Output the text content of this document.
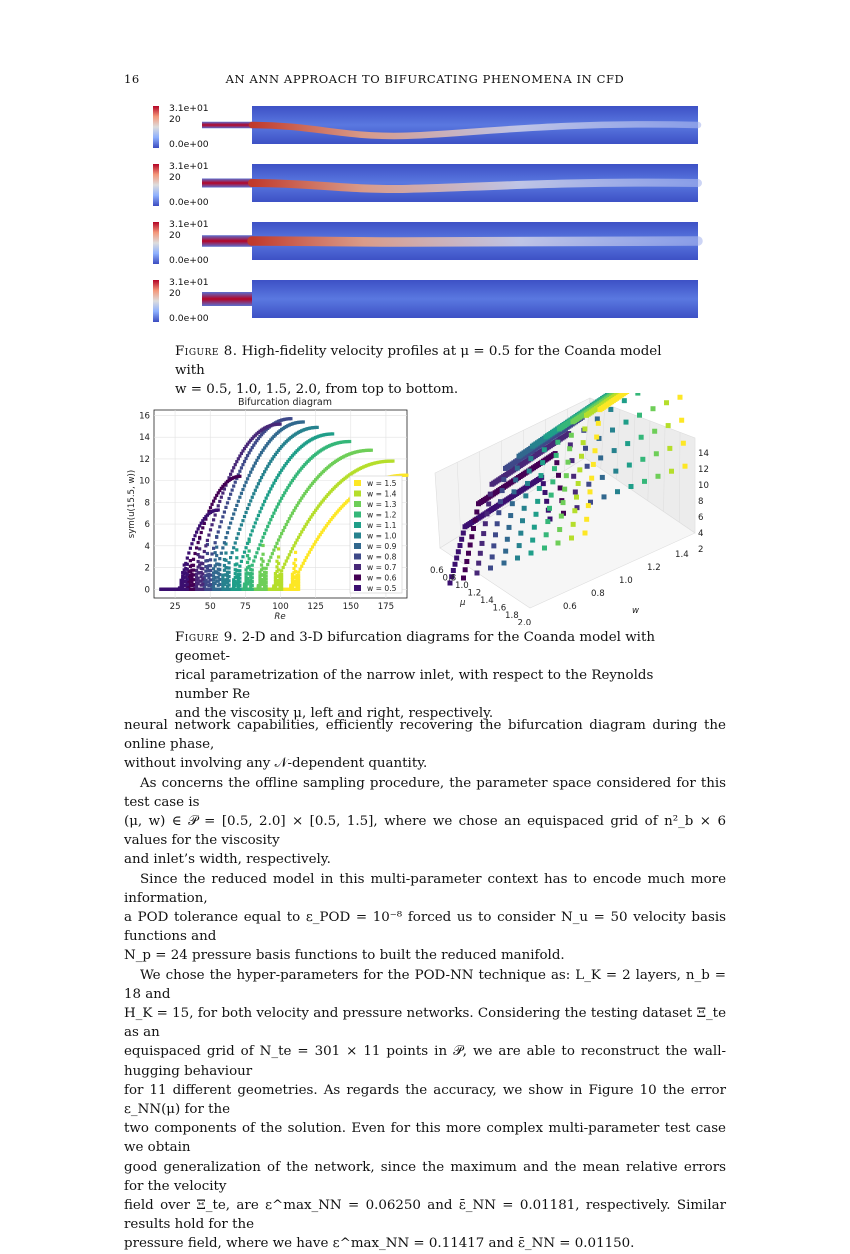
16	AN ANN APPROACH TO BIFURCATING PHENOMENA IN CFD
3.1e+01
20
0.0e+00
3.1e+01
20
0.0e+00
3.1e+01
20
0.0e+00
3.1e+01
20
0.0e+00
Figure 8. High-fidelity velocity profiles at μ = 0.5 for the Coanda model with
w = 0.5, 1.0, 1.5, 2.0, from top to bottom.
Bifurcation diagram
25	50	75 100 125 150 175
0
2
4
6
8
10
12
14
16
w = 1.5
w = 1.4
w = 1.3
w = 1.2
w = 1.1
w = 1.0
w = 0.9
w = 0.8
w = 0.7
w = 0.6
w = 0.5
Re
sym(u(15.5, w))
2
4
6
8
10
12
14
0.6
0.8
1.0
1.2
1.4
1.6
1.8
2.0
μ	0.6
0.8
1.0
1.2
1.4
w
Figure 9. 2-D and 3-D bifurcation diagrams for the Coanda model with geomet-
rical parametrization of the narrow inlet, with respect to the Reynolds number Re
and the viscosity μ, left and right, respectively.

neural network capabilities, efficiently recovering the bifurcation diagram during the online phase,

without involving any 𝒩-dependent quantity.

As concerns the offline sampling procedure, the parameter space considered for this test case is

(μ, w) ∈ 𝒫 = [0.5, 2.0] × [0.5, 1.5], where we chose an equispaced grid of n²_b × 6 values for the viscosity

and inlet’s width, respectively.

Since the reduced model in this multi-parameter context has to encode much more information,

a POD tolerance equal to ε_POD = 10⁻⁸ forced us to consider N_u = 50 velocity basis functions and

N_p = 24 pressure basis functions to built the reduced manifold.

We chose the hyper-parameters for the POD-NN technique as: L_K = 2 layers, n_b = 18 and

H_K = 15, for both velocity and pressure networks. Considering the testing dataset Ξ_te as an

equispaced grid of N_te = 301 × 11 points in 𝒫, we are able to reconstruct the wall-hugging behaviour

for 11 different geometries. As regards the accuracy, we show in Figure 10 the error ε_NN(μ) for the

two components of the solution. Even for this more complex multi-parameter test case we obtain

good generalization of the network, since the maximum and the mean relative errors for the velocity

field over Ξ_te, are ε^max_NN = 0.06250 and ε̄_NN = 0.01181, respectively. Similar results hold for the

pressure field, where we have ε^max_NN = 0.11417 and ε̄_NN = 0.01150.
